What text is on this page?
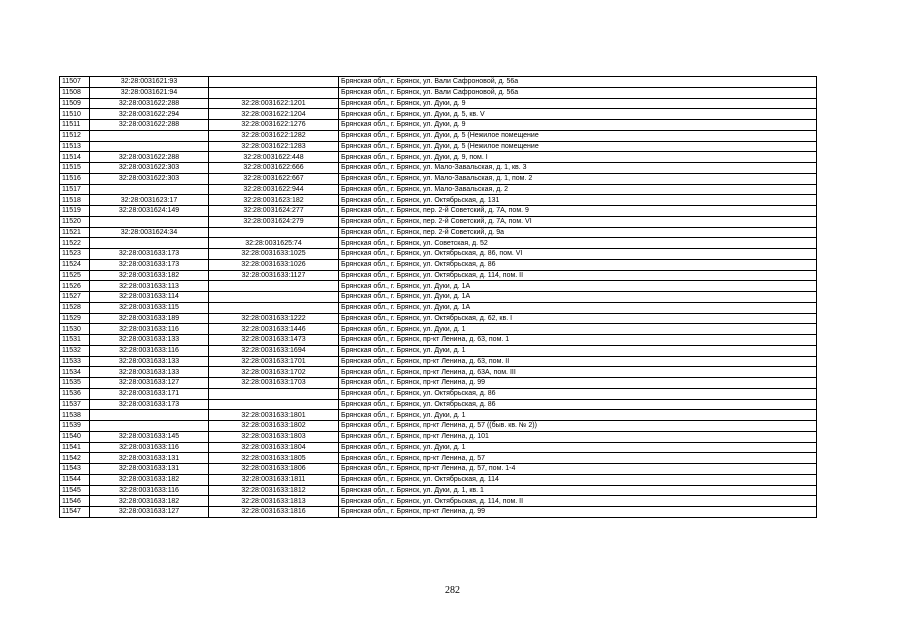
11507	32:28:0031621:93		Брянская обл., г. Брянск, ул. Вали Сафроновой, д. 56а
11508	32:28:0031621:94		Брянская обл., г. Брянск, ул. Вали Сафроновой, д. 56а
11509	32:28:0031622:288	32:28:0031622:1201	Брянская обл., г. Брянск, ул. Дуки, д. 9
11510	32:28:0031622:294	32:28:0031622:1204	Брянская обл., г. Брянск, ул. Дуки, д. 5, кв. V
11511	32:28:0031622:288	32:28:0031622:1276	Брянская обл., г. Брянск, ул. Дуки, д. 9
11512		32:28:0031622:1282	Брянская обл., г. Брянск, ул. Дуки, д. 5 (Нежилое помещение
11513		32:28:0031622:1283	Брянская обл., г. Брянск, ул. Дуки, д. 5 (Нежилое помещение
11514	32:28:0031622:288	32:28:0031622:448	Брянская обл., г. Брянск, ул. Дуки, д. 9, пом. I
11515	32:28:0031622:303	32:28:0031622:666	Брянская обл., г. Брянск, ул. Мало-Завальская, д. 1, кв. 3
11516	32:28:0031622:303	32:28:0031622:667	Брянская обл., г. Брянск, ул. Мало-Завальская, д. 1, пом. 2
11517		32:28:0031622:944	Брянская обл., г. Брянск, ул. Мало-Завальская, д. 2
11518	32:28:0031623:17	32:28:0031623:182	Брянская обл., г. Брянск, ул. Октябрьская, д. 131
11519	32:28:0031624:149	32:28:0031624:277	Брянская обл., г. Брянск, пер. 2-й Советский, д. 7А, пом. 9
11520		32:28:0031624:279	Брянская обл., г. Брянск, пер. 2-й Советский, д. 7А, пом. VI
11521	32:28:0031624:34		Брянская обл., г. Брянск, пер. 2-й Советский, д. 9а
11522		32:28:0031625:74	Брянская обл., г. Брянск, ул. Советская, д. 52
11523	32:28:0031633:173	32:28:0031633:1025	Брянская обл., г. Брянск, ул. Октябрьская, д. 86, пом. VI
11524	32:28:0031633:173	32:28:0031633:1026	Брянская обл., г. Брянск, ул. Октябрьская, д. 86
11525	32:28:0031633:182	32:28:0031633:1127	Брянская обл., г. Брянск, ул. Октябрьская, д. 114, пом. II
11526	32:28:0031633:113		Брянская обл., г. Брянск, ул. Дуки, д. 1А
11527	32:28:0031633:114		Брянская обл., г. Брянск, ул. Дуки, д. 1А
11528	32:28:0031633:115		Брянская обл., г. Брянск, ул. Дуки, д. 1А
11529	32:28:0031633:189	32:28:0031633:1222	Брянская обл., г. Брянск, ул. Октябрьская, д. 62, кв. I
11530	32:28:0031633:116	32:28:0031633:1446	Брянская обл., г. Брянск, ул. Дуки, д. 1
11531	32:28:0031633:133	32:28:0031633:1473	Брянская обл., г. Брянск, пр-кт Ленина, д. 63, пом. 1
11532	32:28:0031633:116	32:28:0031633:1694	Брянская обл., г. Брянск, ул. Дуки, д. 1
11533	32:28:0031633:133	32:28:0031633:1701	Брянская обл., г. Брянск, пр-кт Ленина, д. 63, пом. II
11534	32:28:0031633:133	32:28:0031633:1702	Брянская обл., г. Брянск, пр-кт Ленина, д. 63А, пом. III
11535	32:28:0031633:127	32:28:0031633:1703	Брянская обл., г. Брянск, пр-кт Ленина, д. 99
11536	32:28:0031633:171		Брянская обл., г. Брянск, ул. Октябрьская, д. 86
11537	32:28:0031633:173		Брянская обл., г. Брянск, ул. Октябрьская, д. 86
11538		32:28:0031633:1801	Брянская обл., г. Брянск, ул. Дуки, д. 1
11539		32:28:0031633:1802	Брянская обл., г. Брянск, пр-кт Ленина, д. 57 ((быв. кв. № 2))
11540	32:28:0031633:145	32:28:0031633:1803	Брянская обл., г. Брянск, пр-кт Ленина, д. 101
11541	32:28:0031633:116	32:28:0031633:1804	Брянская обл., г. Брянск, ул. Дуки, д. 1
11542	32:28:0031633:131	32:28:0031633:1805	Брянская обл., г. Брянск, пр-кт Ленина, д. 57
11543	32:28:0031633:131	32:28:0031633:1806	Брянская обл., г. Брянск, пр-кт Ленина, д. 57, пом. 1-4
11544	32:28:0031633:182	32:28:0031633:1811	Брянская обл., г. Брянск, ул. Октябрьская, д. 114
11545	32:28:0031633:116	32:28:0031633:1812	Брянская обл., г. Брянск, ул. Дуки, д. 1, кв. 1
11546	32:28:0031633:182	32:28:0031633:1813	Брянская обл., г. Брянск, ул. Октябрьская, д. 114, пом. II
11547	32:28:0031633:127	32:28:0031633:1816	Брянская обл., г. Брянск, пр-кт Ленина, д. 99
282
